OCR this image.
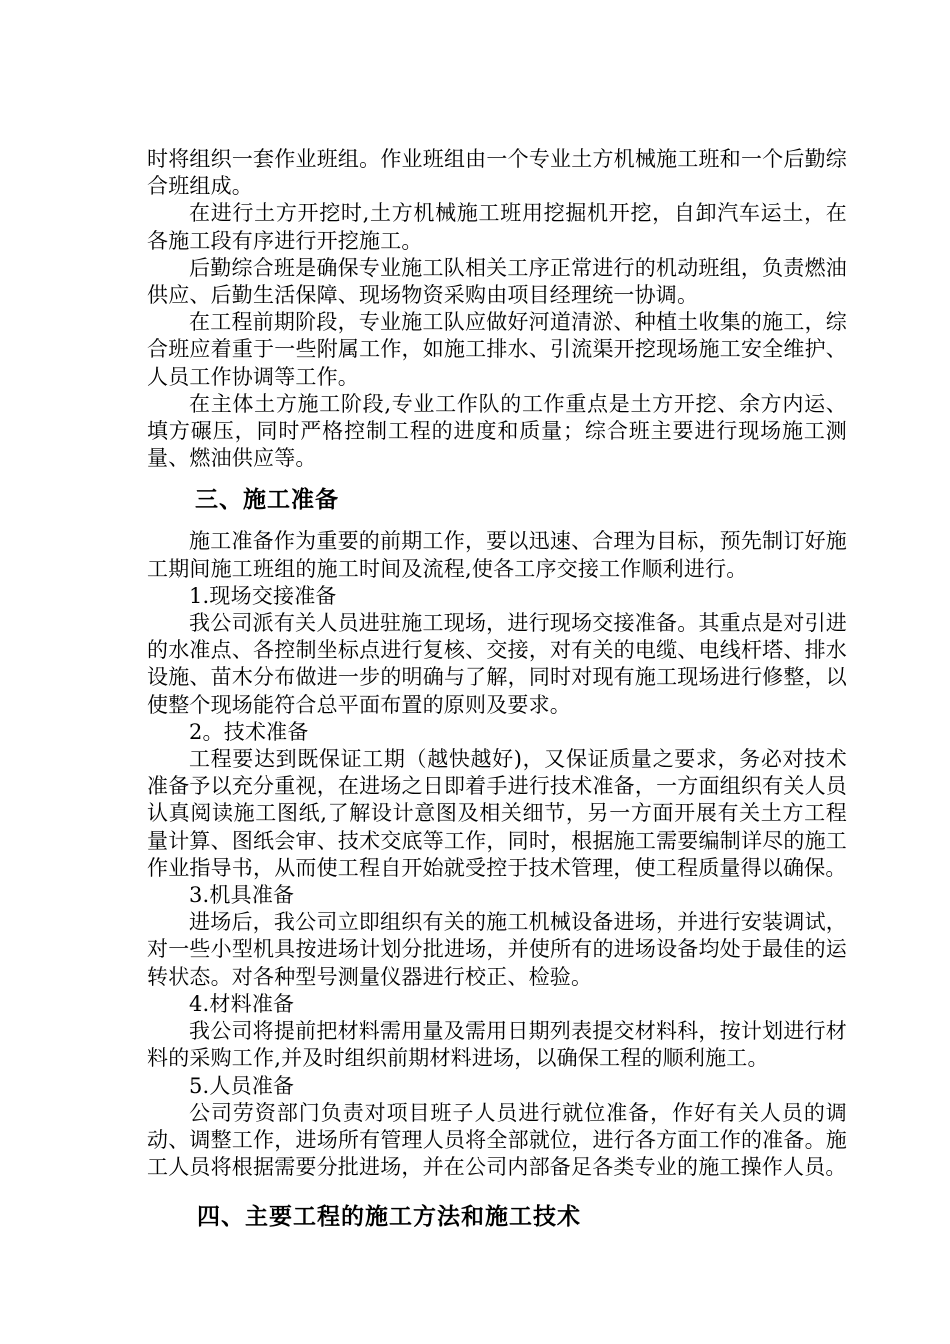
时将组织一套作业班组。作业班组由一个专业土方机械施工班和一个后勤综合班组成。

在进行土方开挖时,土方机械施工班用挖掘机开挖，自卸汽车运土，在各施工段有序进行开挖施工。

后勤综合班是确保专业施工队相关工序正常进行的机动班组，负责燃油供应、后勤生活保障、现场物资采购由项目经理统一协调。

在工程前期阶段，专业施工队应做好河道清淤、种植土收集的施工，综合班应着重于一些附属工作，如施工排水、引流渠开挖现场施工安全维护、人员工作协调等工作。

在主体土方施工阶段,专业工作队的工作重点是土方开挖、余方内运、填方碾压，同时严格控制工程的进度和质量；综合班主要进行现场施工测量、燃油供应等。

三、施工准备

施工准备作为重要的前期工作，要以迅速、合理为目标，预先制订好施工期间施工班组的施工时间及流程,使各工序交接工作顺利进行。

1.现场交接准备

我公司派有关人员进驻施工现场，进行现场交接准备。其重点是对引进的水准点、各控制坐标点进行复核、交接，对有关的电缆、电线杆塔、排水设施、苗木分布做进一步的明确与了解，同时对现有施工现场进行修整，以使整个现场能符合总平面布置的原则及要求。

2。技术准备

工程要达到既保证工期（越快越好)，又保证质量之要求，务必对技术准备予以充分重视，在进场之日即着手进行技术准备，一方面组织有关人员认真阅读施工图纸,了解设计意图及相关细节，另一方面开展有关土方工程量计算、图纸会审、技术交底等工作，同时，根据施工需要编制详尽的施工作业指导书，从而使工程自开始就受控于技术管理，使工程质量得以确保。

3.机具准备

进场后，我公司立即组织有关的施工机械设备进场，并进行安装调试，对一些小型机具按进场计划分批进场，并使所有的进场设备均处于最佳的运转状态。对各种型号测量仪器进行校正、检验。

4.材料准备

我公司将提前把材料需用量及需用日期列表提交材料科，按计划进行材料的采购工作,并及时组织前期材料进场，以确保工程的顺利施工。

5.人员准备

公司劳资部门负责对项目班子人员进行就位准备，作好有关人员的调动、调整工作，进场所有管理人员将全部就位，进行各方面工作的准备。施工人员将根据需要分批进场，并在公司内部备足各类专业的施工操作人员。

四、主要工程的施工方法和施工技术
